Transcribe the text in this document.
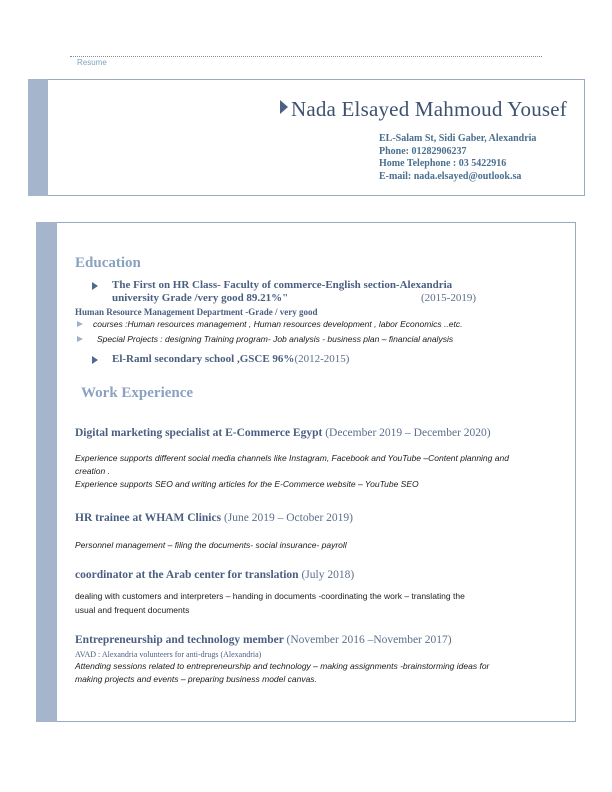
Resume
Nada Elsayed Mahmoud Yousef
EL-Salam St, Sidi Gaber, Alexandria
Phone: 01282906237
Home Telephone : 03 5422916
E-mail: nada.elsayed@outlook.sa
Education
The First on HR Class- Faculty of commerce-English section-Alexandria
university Grade /very good 89.21%"	(2015-2019)
Human Resource Management Department -Grade / very good
courses :Human resources management , Human resources development , labor Economics ..etc.
Special Projects : designing Training program- Job analysis - business plan – financial analysis
El-Raml secondary school ,GSCE 96%(2012-2015)
Work Experience
Digital marketing specialist at E-Commerce Egypt (December 2019 – December 2020)
Experience supports different social media channels like Instagram, Facebook and YouTube –Content planning and
creation .
Experience supports SEO and writing articles for the E-Commerce website – YouTube SEO
HR trainee at WHAM Clinics (June 2019 – October 2019)
Personnel management – filing the documents- social insurance- payroll
coordinator at the Arab center for translation (July 2018)
dealing with customers and interpreters – handing in documents -coordinating the work – translating the
usual and frequent documents
Entrepreneurship and technology member (November 2016 –November 2017)
AVAD : Alexandria volunteers for anti-drugs (Alexandria)
Attending sessions related to entrepreneurship and technology – making assignments -brainstorming ideas for
making projects and events – preparing business model canvas.
